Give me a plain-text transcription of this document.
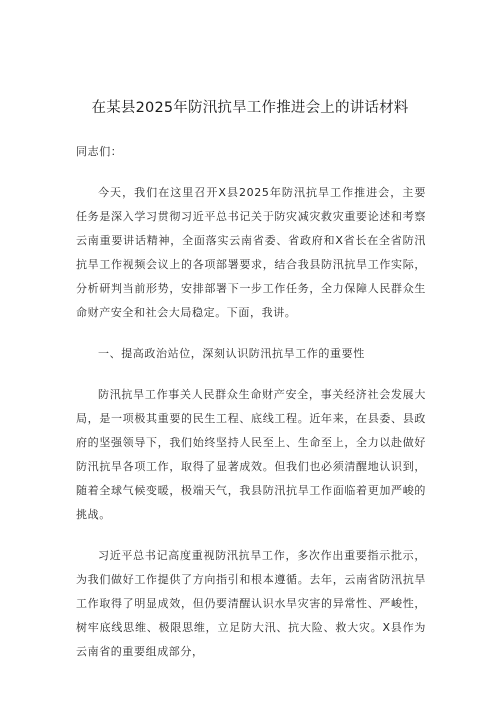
在某县2025年防汛抗旱工作推进会上的讲话材料

同志们：

今天，我们在这里召开X县2025年防汛抗旱工作推进会，主要任务是深入学习贯彻习近平总书记关于防灾减灾救灾重要论述和考察云南重要讲话精神，全面落实云南省委、省政府和X省长在全省防汛抗旱工作视频会议上的各项部署要求，结合我县防汛抗旱工作实际，分析研判当前形势，安排部署下一步工作任务，全力保障人民群众生命财产安全和社会大局稳定。下面，我讲。

一、提高政治站位，深刻认识防汛抗旱工作的重要性

防汛抗旱工作事关人民群众生命财产安全，事关经济社会发展大局，是一项极其重要的民生工程、底线工程。近年来，在县委、县政府的坚强领导下，我们始终坚持人民至上、生命至上，全力以赴做好防汛抗旱各项工作，取得了显著成效。但我们也必须清醒地认识到，随着全球气候变暖，极端天气，我县防汛抗旱工作面临着更加严峻的挑战。

习近平总书记高度重视防汛抗旱工作，多次作出重要指示批示，为我们做好工作提供了方向指引和根本遵循。去年，云南省防汛抗旱工作取得了明显成效，但仍要清醒认识水旱灾害的异常性、严峻性，树牢底线思维、极限思维，立足防大汛、抗大险、救大灾。X县作为云南省的重要组成部分，
